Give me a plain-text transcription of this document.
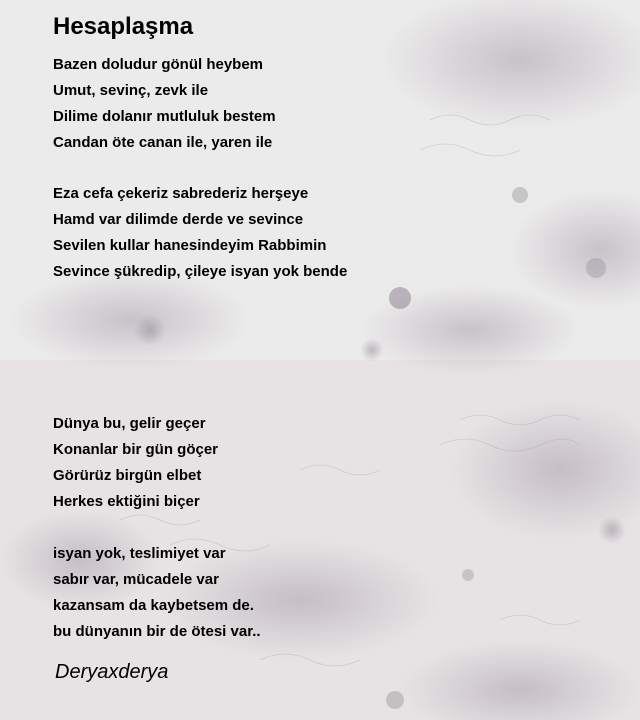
Hesaplaşma
Bazen doludur gönül heybem
Umut, sevinç, zevk ile
Dilime dolanır mutluluk bestem
Candan öte canan ile, yaren ile
Eza cefa çekeriz sabrederiz herşeye
Hamd var dilimde derde ve sevince
Sevilen kullar hanesindeyim Rabbimin
Sevince şükredip, çileye isyan yok bende
Dünya bu, gelir geçer
Konanlar bir gün göçer
Görürüz birgün elbet
Herkes ektiğini biçer
isyan yok, teslimiyet var
sabır var, mücadele var
kazansam da kaybetsem de.
bu dünyanın bir de ötesi var..

Deryaxderya
